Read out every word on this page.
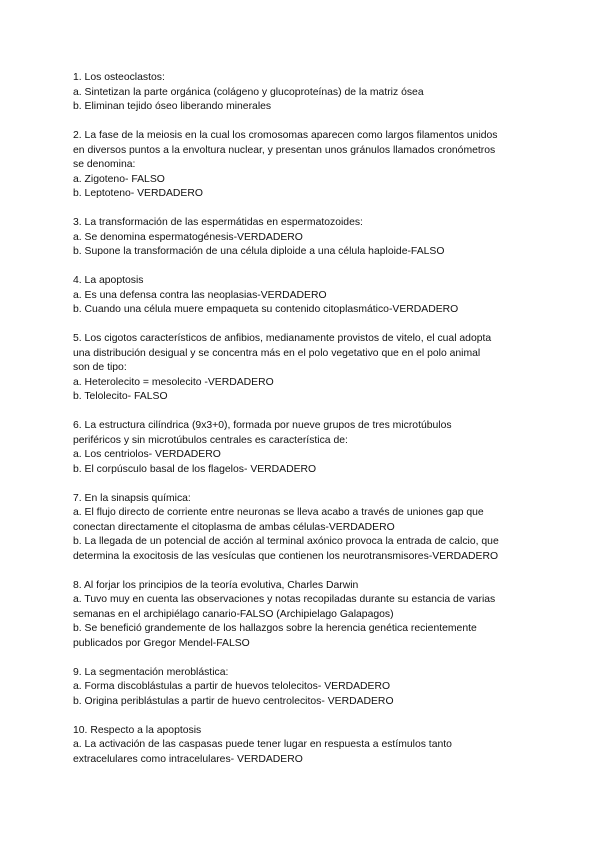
1. Los osteoclastos:
a. Sintetizan la parte orgánica (colágeno y glucoproteínas) de la matriz ósea
b. Eliminan tejido óseo liberando minerales
2. La fase de la meiosis en la cual los cromosomas aparecen como largos filamentos unidos
en diversos puntos a la envoltura nuclear, y presentan unos gránulos llamados cronómetros
se denomina:
a. Zigoteno- FALSO
b. Leptoteno- VERDADERO
3. La transformación de las espermátidas en espermatozoides:
a. Se denomina espermatogénesis-VERDADERO
b. Supone la transformación de una célula diploide a una célula haploide-FALSO
4. La apoptosis
a. Es una defensa contra las neoplasias-VERDADERO
b. Cuando una célula muere empaqueta su contenido citoplasmático-VERDADERO
5. Los cigotos característicos de anfibios, medianamente provistos de vitelo, el cual adopta
una distribución desigual y se concentra más en el polo vegetativo que en el polo animal
son de tipo:
a. Heterolecito = mesolecito -VERDADERO
b. Telolecito- FALSO
6. La estructura cilíndrica (9x3+0), formada por nueve grupos de tres microtúbulos
periféricos y sin microtúbulos centrales es característica de:
a. Los centriolos- VERDADERO
b. El corpúsculo basal de los flagelos- VERDADERO
7. En la sinapsis química:
a. El flujo directo de corriente entre neuronas se lleva acabo a través de uniones gap que
conectan directamente el citoplasma de ambas células-VERDADERO
b. La llegada de un potencial de acción al terminal axónico provoca la entrada de calcio, que
determina la exocitosis de las vesículas que contienen los neurotransmisores-VERDADERO
8. Al forjar los principios de la teoría evolutiva, Charles Darwin
a. Tuvo muy en cuenta las observaciones y notas recopiladas durante su estancia de varias
semanas en el archipiélago canario-FALSO (Archipielago Galapagos)
b. Se benefició grandemente de los hallazgos sobre la herencia genética recientemente
publicados por Gregor Mendel-FALSO
9. La segmentación meroblástica:
a. Forma discoblástulas a partir de huevos telolecitos- VERDADERO
b. Origina periblástulas a partir de huevo centrolecitos- VERDADERO
10. Respecto a la apoptosis
a. La activación de las caspasas puede tener lugar en respuesta a estímulos tanto
extracelulares como intracelulares- VERDADERO
